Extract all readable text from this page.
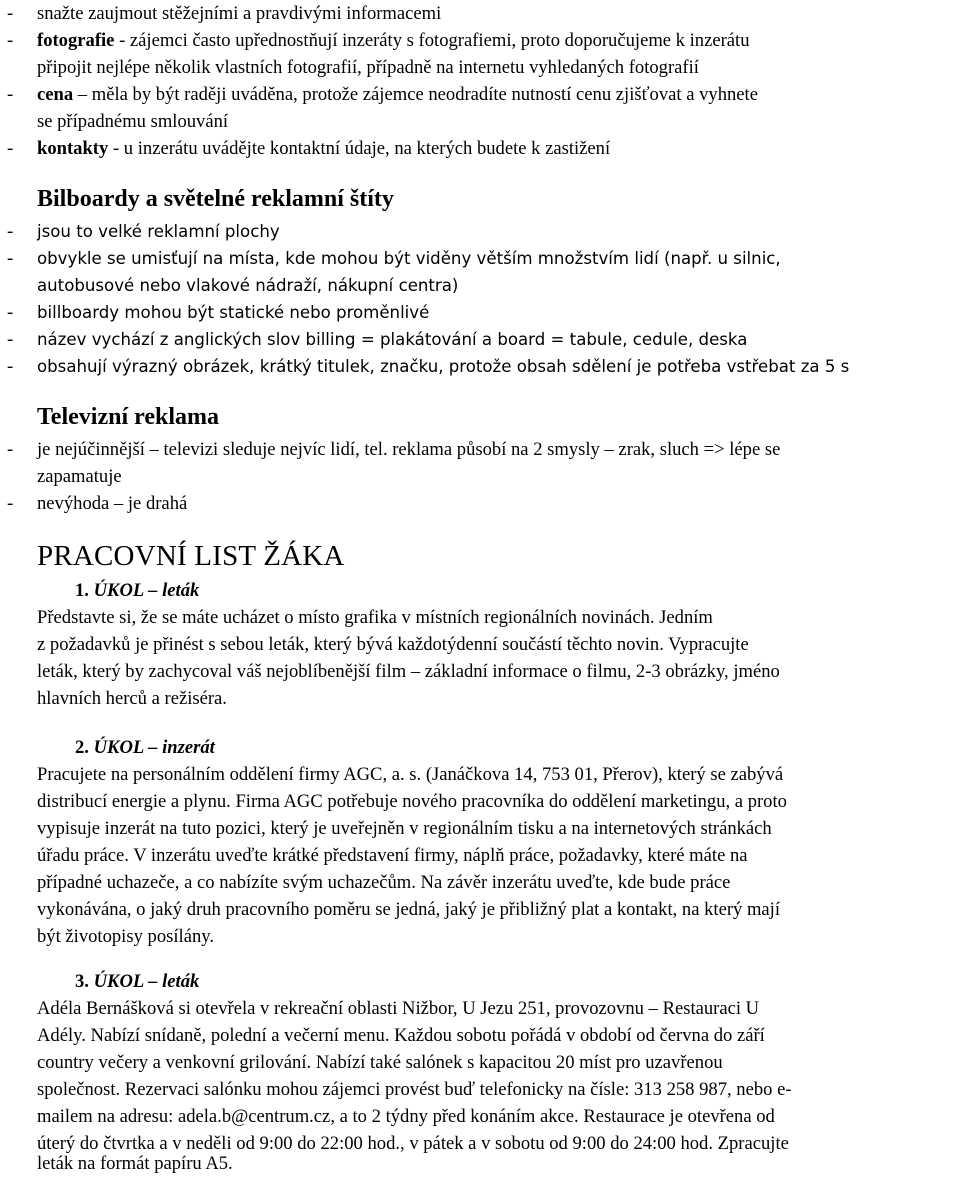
- snažte zaujmout stěžejními a pravdivými informacemi

- fotografie - zájemci často upřednostňují inzeráty s fotografiemi, proto doporučujeme k inzerátu

připojit nejlépe několik vlastních fotografií, případně na internetu vyhledaných fotografií

- cena – měla by být raději uváděna, protože zájemce neodradíte nutností cenu zjišťovat a vyhnete

se případnému smlouvání

- kontakty - u inzerátu uvádějte kontaktní údaje, na kterých budete k zastižení

Bilboardy a světelné reklamní štíty
- jsou to velké reklamní plochy

- obvykle se umisťují na místa, kde mohou být viděny větším množstvím lidí (např. u silnic,

autobusové nebo vlakové nádraží, nákupní centra)

- billboardy mohou být statické nebo proměnlivé

- název vychází z anglických slov billing = plakátování a board = tabule, cedule, deska

- obsahují výrazný obrázek, krátký titulek, značku, protože obsah sdělení je potřeba vstřebat za 5 s

Televizní reklama
- je nejúčinnější – televizi sleduje nejvíc lidí, tel. reklama působí na 2 smysly – zrak, sluch => lépe se

zapamatuje

- nevýhoda – je drahá

PRACOVNÍ LIST ŽÁKA

1. ÚKOL – leták

Představte si, že se máte ucházet o místo grafika v místních regionálních novinách. Jedním

z požadavků je přinést s sebou leták, který bývá každotýdenní součástí těchto novin. Vypracujte

leták, který by zachycoval váš nejoblíbenější film – základní informace o filmu, 2-3 obrázky, jméno

hlavních herců a režiséra.

2. ÚKOL – inzerát

Pracujete na personálním oddělení firmy AGC, a. s. (Janáčkova 14, 753 01, Přerov), který se zabývá

distribucí energie a plynu. Firma AGC potřebuje nového pracovníka do oddělení marketingu, a proto

vypisuje inzerát na tuto pozici, který je uveřejněn v regionálním tisku a na internetových stránkách

úřadu práce. V inzerátu uveďte krátké představení firmy, náplň práce, požadavky, které máte na

případné uchazeče, a co nabízíte svým uchazečům. Na závěr inzerátu uveďte, kde bude práce

vykonávána, o jaký druh pracovního poměru se jedná, jaký je přibližný plat a kontakt, na který mají

být životopisy posílány.

3. ÚKOL – leták

Adéla Bernášková si otevřela v rekreační oblasti Nižbor, U Jezu 251, provozovnu – Restauraci U

Adély. Nabízí snídaně, polední a večerní menu. Každou sobotu pořádá v období od června do září

country večery a venkovní grilování. Nabízí také salónek s kapacitou 20 míst pro uzavřenou

společnost. Rezervaci salónku mohou zájemci provést buď telefonicky na čísle: 313 258 987, nebo e-

mailem na adresu: adela.b@centrum.cz, a to 2 týdny před konáním akce. Restaurace je otevřena od

úterý do čtvrtka a v neděli od 9:00 do 22:00 hod., v pátek a v sobotu od 9:00 do 24:00 hod. Zpracujte

leták na formát papíru A5.
